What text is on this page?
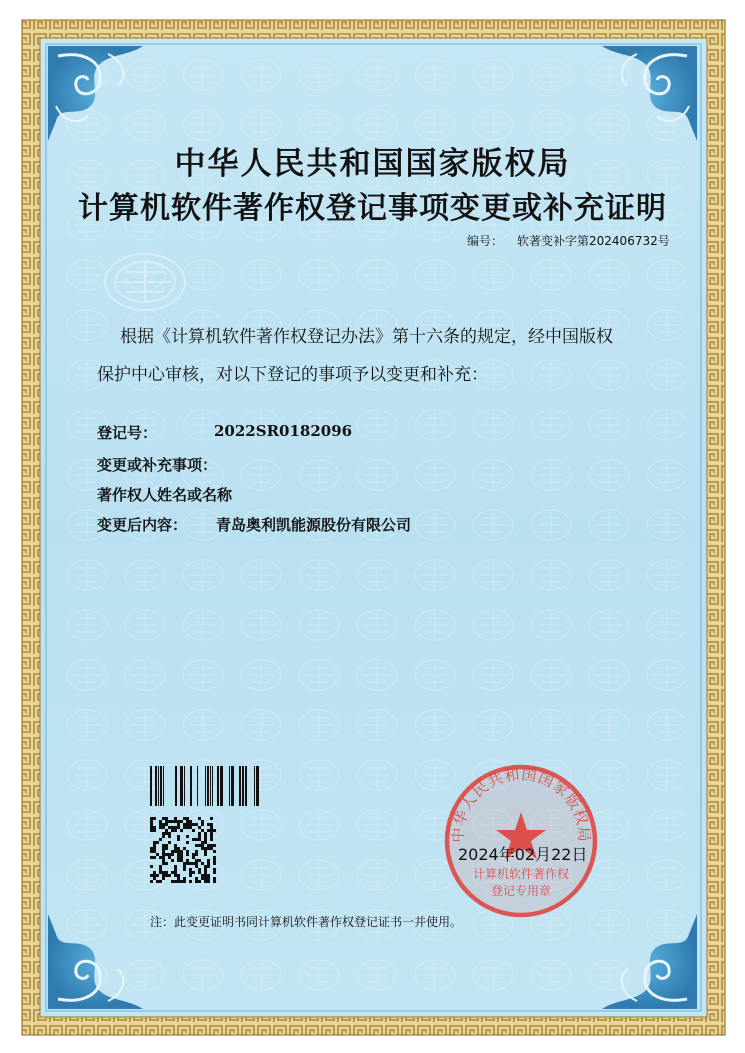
中华人民共和国国家版权局
计算机软件著作权
登记专用章
中华人民共和国国家版权局
计算机软件著作权登记事项变更或补充证明
编号： 软著变补字第202406732号
根据《计算机软件著作权登记办法》第十六条的规定，经中国版权
保护中心审核，对以下登记的事项予以变更和补充：
登记号：	2022SR0182096
变更或补充事项：
著作权人姓名或名称
变更后内容： 青岛奥利凯能源股份有限公司
2024年02月22日
注：此变更证明书同计算机软件著作权登记证书一并使用。
